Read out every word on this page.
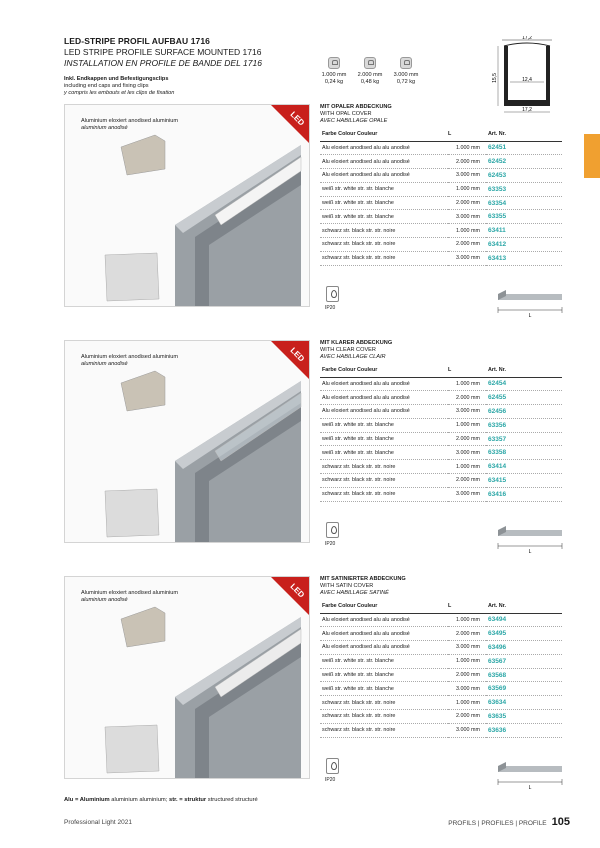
LED-STRIPE PROFIL AUFBAU 1716
LED STRIPE PROFILE SURFACE MOUNTED 1716
INSTALLATION EN PROFILE DE BANDE DEL 1716
Inkl. Endkappen und Befestigungsclips
including end caps and fixing clips
y compris les embouts et les clips de fixation
1.000 mm
0,24 kg
2.000 mm
0,48 kg
3.000 mm
0,72 kg
17,2
12,4
15,5
17,2
LED
Aluminium eloxiert anodised aluminium
aluminium anodisé
MIT OPALER ABDECKUNG
WITH OPAL COVER
AVEC HABILLAGE OPALE
Farbe Colour Couleur	L	Art. Nr.
Alu eloxiert anodised alu alu anodisé	1.000 mm	62451
Alu eloxiert anodised alu alu anodisé	2.000 mm	62452
Alu eloxiert anodised alu alu anodisé	3.000 mm	62453
weiß str. white str. str. blanche	1.000 mm	63353
weiß str. white str. str. blanche	2.000 mm	63354
weiß str. white str. str. blanche	3.000 mm	63355
schwarz str. black str. str. noire	1.000 mm	63411
schwarz str. black str. str. noire	2.000 mm	63412
schwarz str. black str. str. noire	3.000 mm	63413
IP20
L
LED
Aluminium eloxiert anodised aluminium
aluminium anodisé
MIT KLARER ABDECKUNG
WITH CLEAR COVER
AVEC HABILLAGE CLAIR
Farbe Colour Couleur	L	Art. Nr.
Alu eloxiert anodised alu alu anodisé	1.000 mm	62454
Alu eloxiert anodised alu alu anodisé	2.000 mm	62455
Alu eloxiert anodised alu alu anodisé	3.000 mm	62456
weiß str. white str. str. blanche	1.000 mm	63356
weiß str. white str. str. blanche	2.000 mm	63357
weiß str. white str. str. blanche	3.000 mm	63358
schwarz str. black str. str. noire	1.000 mm	63414
schwarz str. black str. str. noire	2.000 mm	63415
schwarz str. black str. str. noire	3.000 mm	63416
IP20
L
LED
Aluminium eloxiert anodised aluminium
aluminium anodisé
MIT SATINIERTER ABDECKUNG
WITH SATIN COVER
AVEC HABILLAGE SATINÉ
Farbe Colour Couleur	L	Art. Nr.
Alu eloxiert anodised alu alu anodisé	1.000 mm	63494
Alu eloxiert anodised alu alu anodisé	2.000 mm	63495
Alu eloxiert anodised alu alu anodisé	3.000 mm	63496
weiß str. white str. str. blanche	1.000 mm	63567
weiß str. white str. str. blanche	2.000 mm	63568
weiß str. white str. str. blanche	3.000 mm	63569
schwarz str. black str. str. noire	1.000 mm	63634
schwarz str. black str. str. noire	2.000 mm	63635
schwarz str. black str. str. noire	3.000 mm	63636
IP20
L
Alu = Aluminium aluminium aluminium; str. = struktur structured structuré
Professional Light 2021	PROFILS | PROFILES | PROFILE 105
